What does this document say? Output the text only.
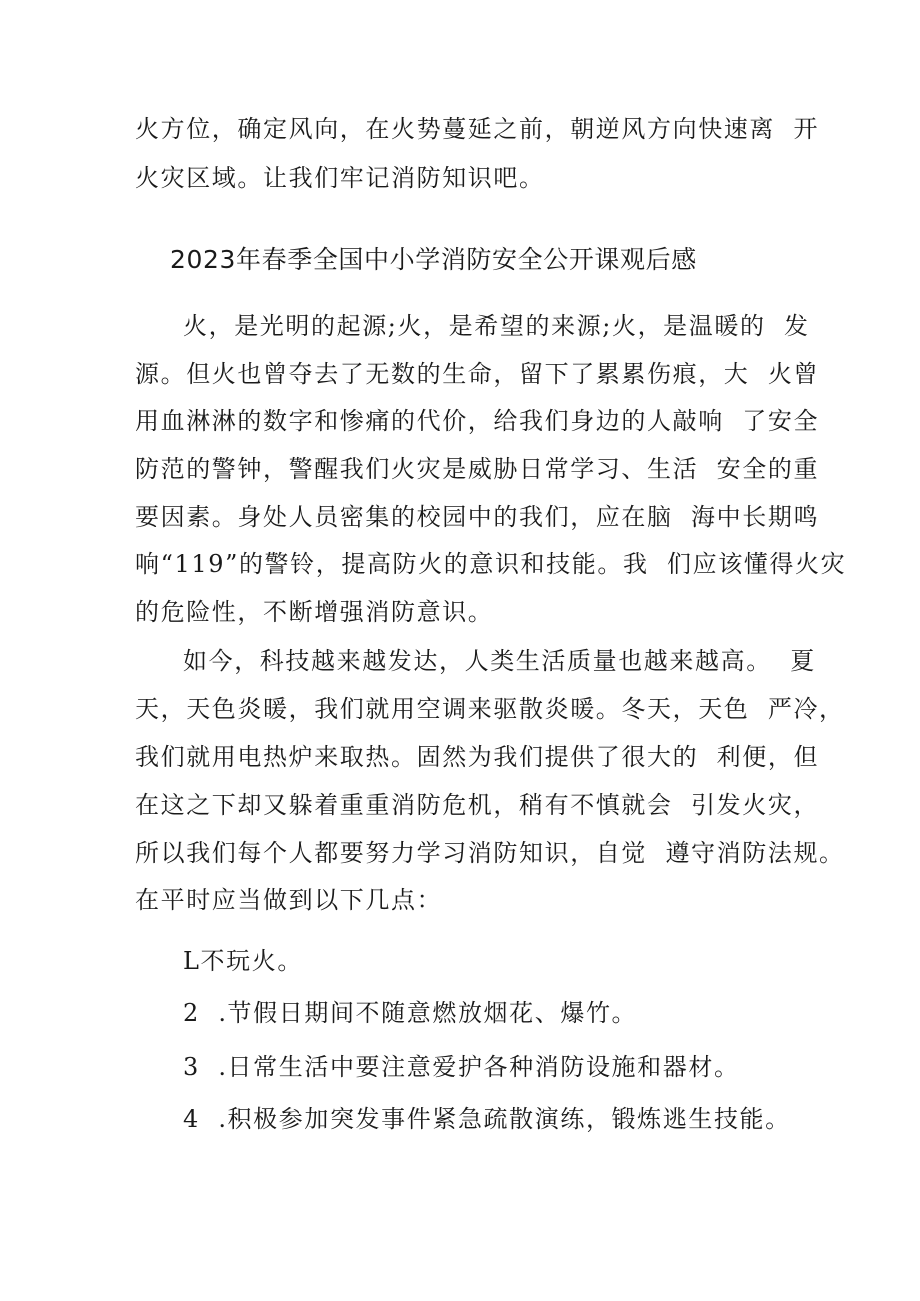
火方位，确定风向，在火势蔓延之前，朝逆风方向快速离  开
火灾区域。让我们牢记消防知识吧。
2023年春季全国中小学消防安全公开课观后感
火，是光明的起源;火，是希望的来源;火，是温暖的  发
源。但火也曾夺去了无数的生命，留下了累累伤痕，大  火曾
用血淋淋的数字和惨痛的代价，给我们身边的人敲响  了安全
防范的警钟，警醒我们火灾是威胁日常学习、生活  安全的重
要因素。身处人员密集的校园中的我们，应在脑  海中长期鸣
响“119”的警铃，提高防火的意识和技能。我  们应该懂得火灾
的危险性，不断增强消防意识。
如今，科技越来越发达，人类生活质量也越来越高。  夏
天，天色炎暖，我们就用空调来驱散炎暖。冬天，天色  严冷，
我们就用电热炉来取热。固然为我们提供了很大的  利便，但
在这之下却又躲着重重消防危机，稍有不慎就会  引发火灾，
所以我们每个人都要努力学习消防知识，自觉  遵守消防法规。
在平时应当做到以下几点：
L不玩火。
2  .节假日期间不随意燃放烟花、爆竹。
3  .日常生活中要注意爱护各种消防设施和器材。
4  .积极参加突发事件紧急疏散演练，锻炼逃生技能。
